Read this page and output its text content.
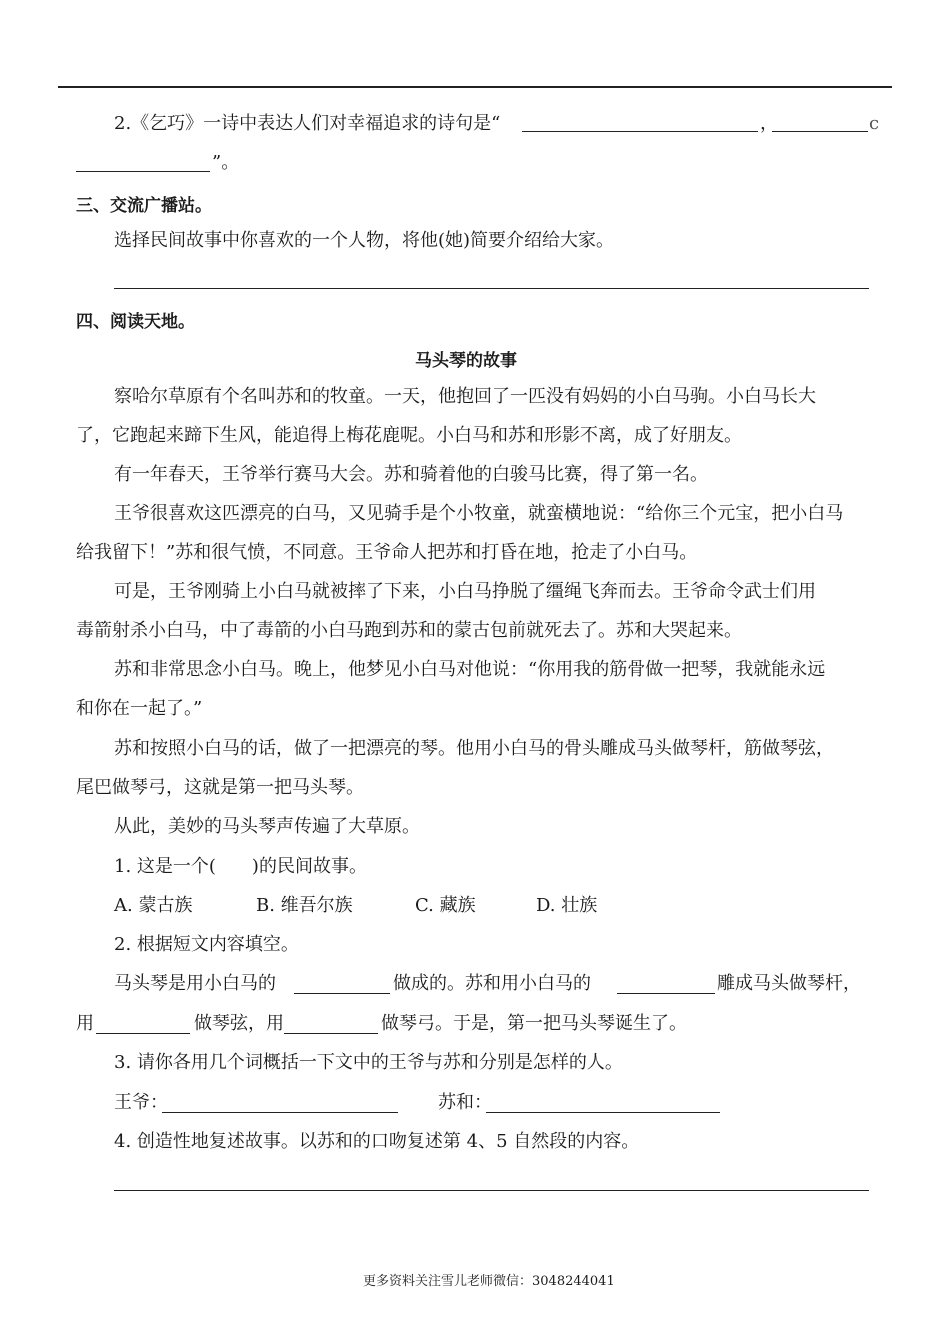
2.《乞巧》一诗中表达人们对幸福追求的诗句是“	，	c
”。
三、交流广播站。
选择民间故事中你喜欢的一个人物，将他(她)简要介绍给大家。
四、阅读天地。
马头琴的故事
察哈尔草原有个名叫苏和的牧童。一天，他抱回了一匹没有妈妈的小白马驹。小白马长大
了，它跑起来蹄下生风，能追得上梅花鹿呢。小白马和苏和形影不离，成了好朋友。
有一年春天，王爷举行赛马大会。苏和骑着他的白骏马比赛，得了第一名。
王爷很喜欢这匹漂亮的白马，又见骑手是个小牧童，就蛮横地说：“给你三个元宝，把小白马
给我留下！”苏和很气愤，不同意。王爷命人把苏和打昏在地，抢走了小白马。
可是，王爷刚骑上小白马就被摔了下来，小白马挣脱了缰绳飞奔而去。王爷命令武士们用
毒箭射杀小白马，中了毒箭的小白马跑到苏和的蒙古包前就死去了。苏和大哭起来。
苏和非常思念小白马。晚上，他梦见小白马对他说：“你用我的筋骨做一把琴，我就能永远
和你在一起了。”
苏和按照小白马的话，做了一把漂亮的琴。他用小白马的骨头雕成马头做琴杆，筋做琴弦，
尾巴做琴弓，这就是第一把马头琴。
从此，美妙的马头琴声传遍了大草原。
1. 这是一个(　　)的民间故事。
A. 蒙古族	B. 维吾尔族	C. 藏族	D. 壮族
2. 根据短文内容填空。
马头琴是用小白马的	做成的。苏和用小白马的	雕成马头做琴杆，
用	做琴弦，用	做琴弓。于是，第一把马头琴诞生了。
3. 请你各用几个词概括一下文中的王爷与苏和分别是怎样的人。
王爷：	苏和：
4. 创造性地复述故事。以苏和的口吻复述第 4、5 自然段的内容。
更多资料关注雪儿老师微信：3048244041
